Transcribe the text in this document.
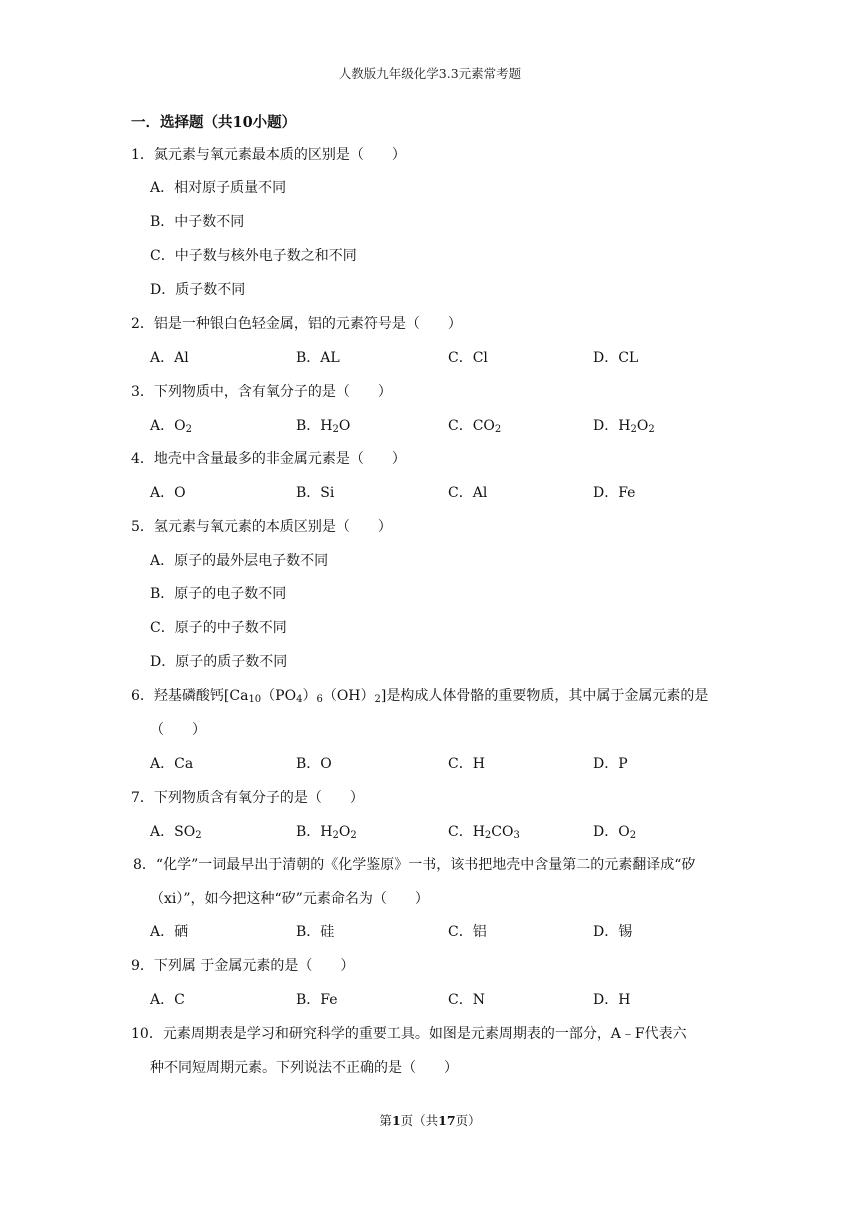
人教版九年级化学3.3元素常考题
一．选择题（共10小题）
1．氮元素与氧元素最本质的区别是（　　）
A．相对原子质量不同
B．中子数不同
C．中子数与核外电子数之和不同
D．质子数不同
2．铝是一种银白色轻金属，铝的元素符号是（　　）
A．Al	B．AL	C．Cl	D．CL
3．下列物质中，含有氧分子的是（　　）
A．$O_2$	B．$H_2O$	C．$CO_2$	D．$H_2O_2$
4．地壳中含量最多的非金属元素是（　　）
A．O	B．Si	C．Al	D．Fe
5．氢元素与氧元素的本质区别是（　　）
A．原子的最外层电子数不同
B．原子的电子数不同
C．原子的中子数不同
D．原子的质子数不同
6．羟基磷酸钙$[Ca_{10}(PO_4)_6(OH)_2]$是构成人体骨骼的重要物质，其中属于金属元素的是
（　　）
A．Ca	B．O	C．H	D．P
7．下列物质含有氧分子的是（　　）
A．$SO_2$	B．$H_2O_2$	C．$H_2CO_3$	D．$O_2$
8．“化学”一词最早出于清朝的《化学鉴原》一书，该书把地壳中含量第二的元素翻译成“矽
（xi）”，如今把这种“矽”元素命名为（　　）
A．硒	B．硅	C．铝	D．锡
9．下列属 于金属元素的是（　　）
A．C	B．Fe	C．N	D．H
10．元素周期表是学习和研究科学的重要工具。如图是元素周期表的一部分，A﹣F代表六
种不同短周期元素。下列说法不正确的是（　　）
第1页（共17页）
